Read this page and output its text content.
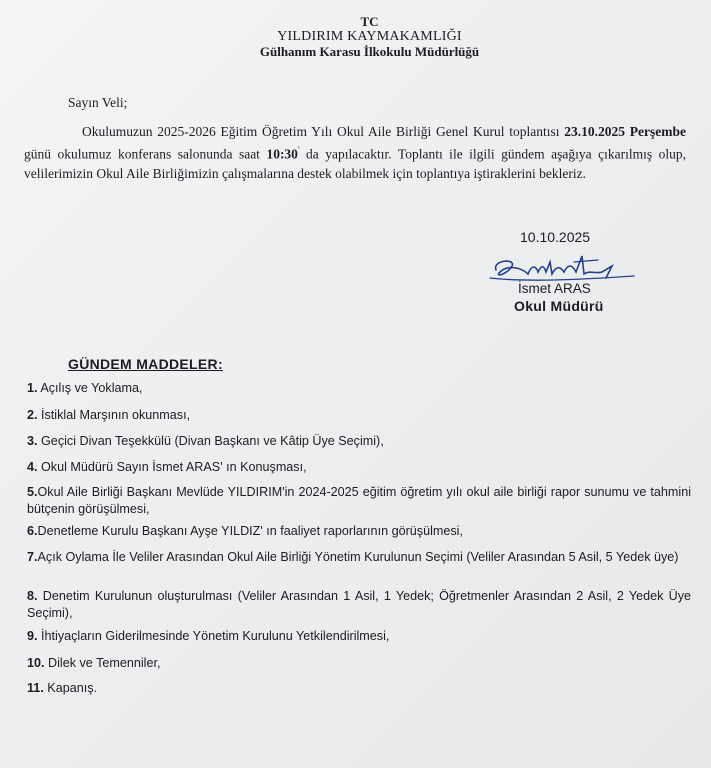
TC
YILDIRIM KAYMAKAMLIĞI
Gülhanım Karasu İlkokulu Müdürlüğü
Sayın Veli;
Okulumuzun 2025-2026 Eğitim Öğretim Yılı Okul Aile Birliği Genel Kurul toplantısı 23.10.2025 Perşembe günü okulumuz konferans salonunda saat 10:30' da yapılacaktır. Toplantı ile ilgili gündem aşağıya çıkarılmış olup, velilerimizin Okul Aile Birliğimizin çalışmalarına destek olabilmek için toplantıya iştiraklerini bekleriz.
10.10.2025
İsmet ARAS
Okul Müdürü
GÜNDEM MADDELER:
1. Açılış ve Yoklama,
2. İstiklal Marşının okunması,
3. Geçici Divan Teşekkülü (Divan Başkanı ve Kâtip Üye Seçimi),
4. Okul Müdürü Sayın İsmet ARAS' ın Konuşması,
5.Okul Aile Birliği Başkanı Mevlüde YILDIRIM'in 2024-2025 eğitim öğretim yılı okul aile birliği rapor sunumu ve tahmini bütçenin görüşülmesi,
6.Denetleme Kurulu Başkanı Ayşe YILDIZ' ın faaliyet raporlarının görüşülmesi,
7.Açık Oylama İle Veliler Arasından Okul Aile Birliği Yönetim Kurulunun Seçimi (Veliler Arasından 5 Asil, 5 Yedek üye)
8. Denetim Kurulunun oluşturulması (Veliler Arasından 1 Asil, 1 Yedek; Öğretmenler Arasından 2 Asil, 2 Yedek Üye Seçimi),
9. İhtiyaçların Giderilmesinde Yönetim Kurulunu Yetkilendirilmesi,
10. Dilek ve Temenniler,
11. Kapanış.
